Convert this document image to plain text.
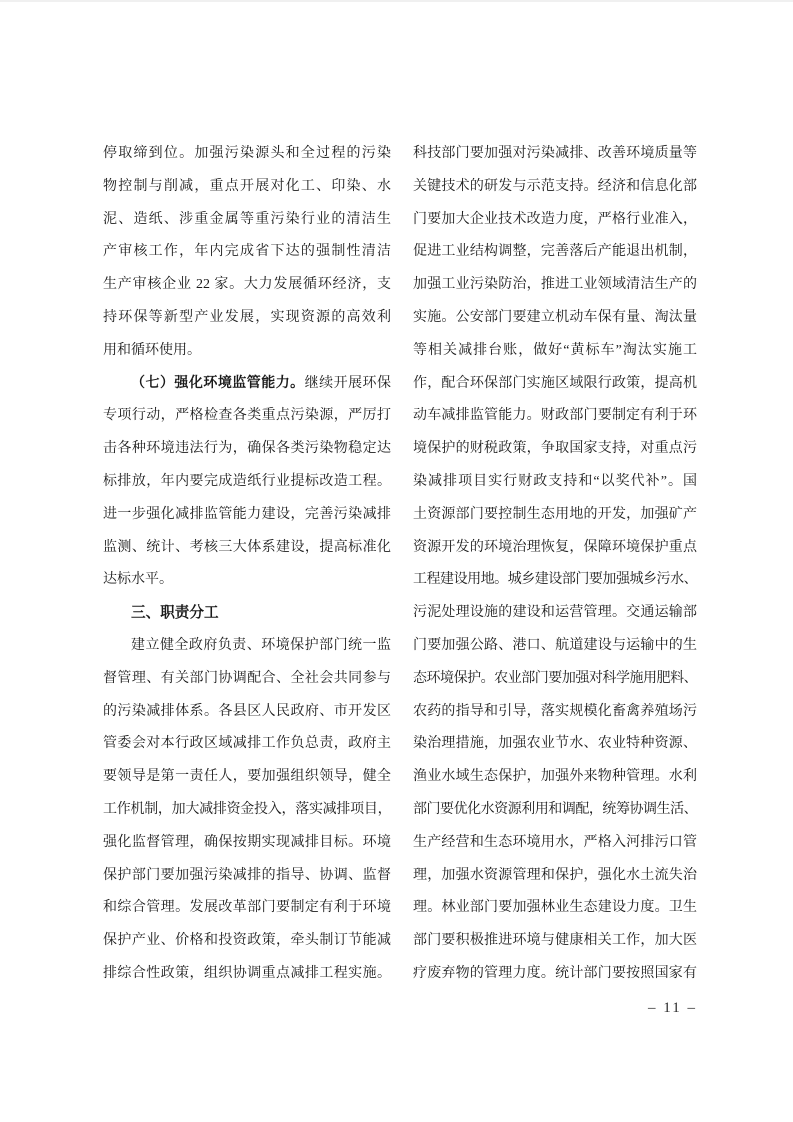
停取缔到位。加强污染源头和全过程的污染
物控制与削减，重点开展对化工、印染、水
泥、造纸、涉重金属等重污染行业的清洁生
产审核工作，年内完成省下达的强制性清洁
生产审核企业 22 家。大力发展循环经济，支
持环保等新型产业发展，实现资源的高效利
用和循环使用。
（七）强化环境监管能力。继续开展环保
专项行动，严格检查各类重点污染源，严厉打
击各种环境违法行为，确保各类污染物稳定达
标排放，年内要完成造纸行业提标改造工程。
进一步强化减排监管能力建设，完善污染减排
监测、统计、考核三大体系建设，提高标准化
达标水平。
三、职责分工
建立健全政府负责、环境保护部门统一监
督管理、有关部门协调配合、全社会共同参与
的污染减排体系。各县区人民政府、市开发区
管委会对本行政区域减排工作负总责，政府主
要领导是第一责任人，要加强组织领导，健全
工作机制，加大减排资金投入，落实减排项目，
强化监督管理，确保按期实现减排目标。环境
保护部门要加强污染减排的指导、协调、监督
和综合管理。发展改革部门要制定有利于环境
保护产业、价格和投资政策，牵头制订节能减
排综合性政策，组织协调重点减排工程实施。
科技部门要加强对污染减排、改善环境质量等
关键技术的研发与示范支持。经济和信息化部
门要加大企业技术改造力度，严格行业准入，
促进工业结构调整，完善落后产能退出机制，
加强工业污染防治，推进工业领域清洁生产的
实施。公安部门要建立机动车保有量、淘汰量
等相关减排台账，做好“黄标车”淘汰实施工
作，配合环保部门实施区域限行政策，提高机
动车减排监管能力。财政部门要制定有利于环
境保护的财税政策，争取国家支持，对重点污
染减排项目实行财政支持和“以奖代补”。国
土资源部门要控制生态用地的开发，加强矿产
资源开发的环境治理恢复，保障环境保护重点
工程建设用地。城乡建设部门要加强城乡污水、
污泥处理设施的建设和运营管理。交通运输部
门要加强公路、港口、航道建设与运输中的生
态环境保护。农业部门要加强对科学施用肥料、
农药的指导和引导，落实规模化畜禽养殖场污
染治理措施，加强农业节水、农业特种资源、
渔业水域生态保护，加强外来物种管理。水利
部门要优化水资源利用和调配，统筹协调生活、
生产经营和生态环境用水，严格入河排污口管
理，加强水资源管理和保护，强化水土流失治
理。林业部门要加强林业生态建设力度。卫生
部门要积极推进环境与健康相关工作，加大医
疗废弃物的管理力度。统计部门要按照国家有
– 11 –
